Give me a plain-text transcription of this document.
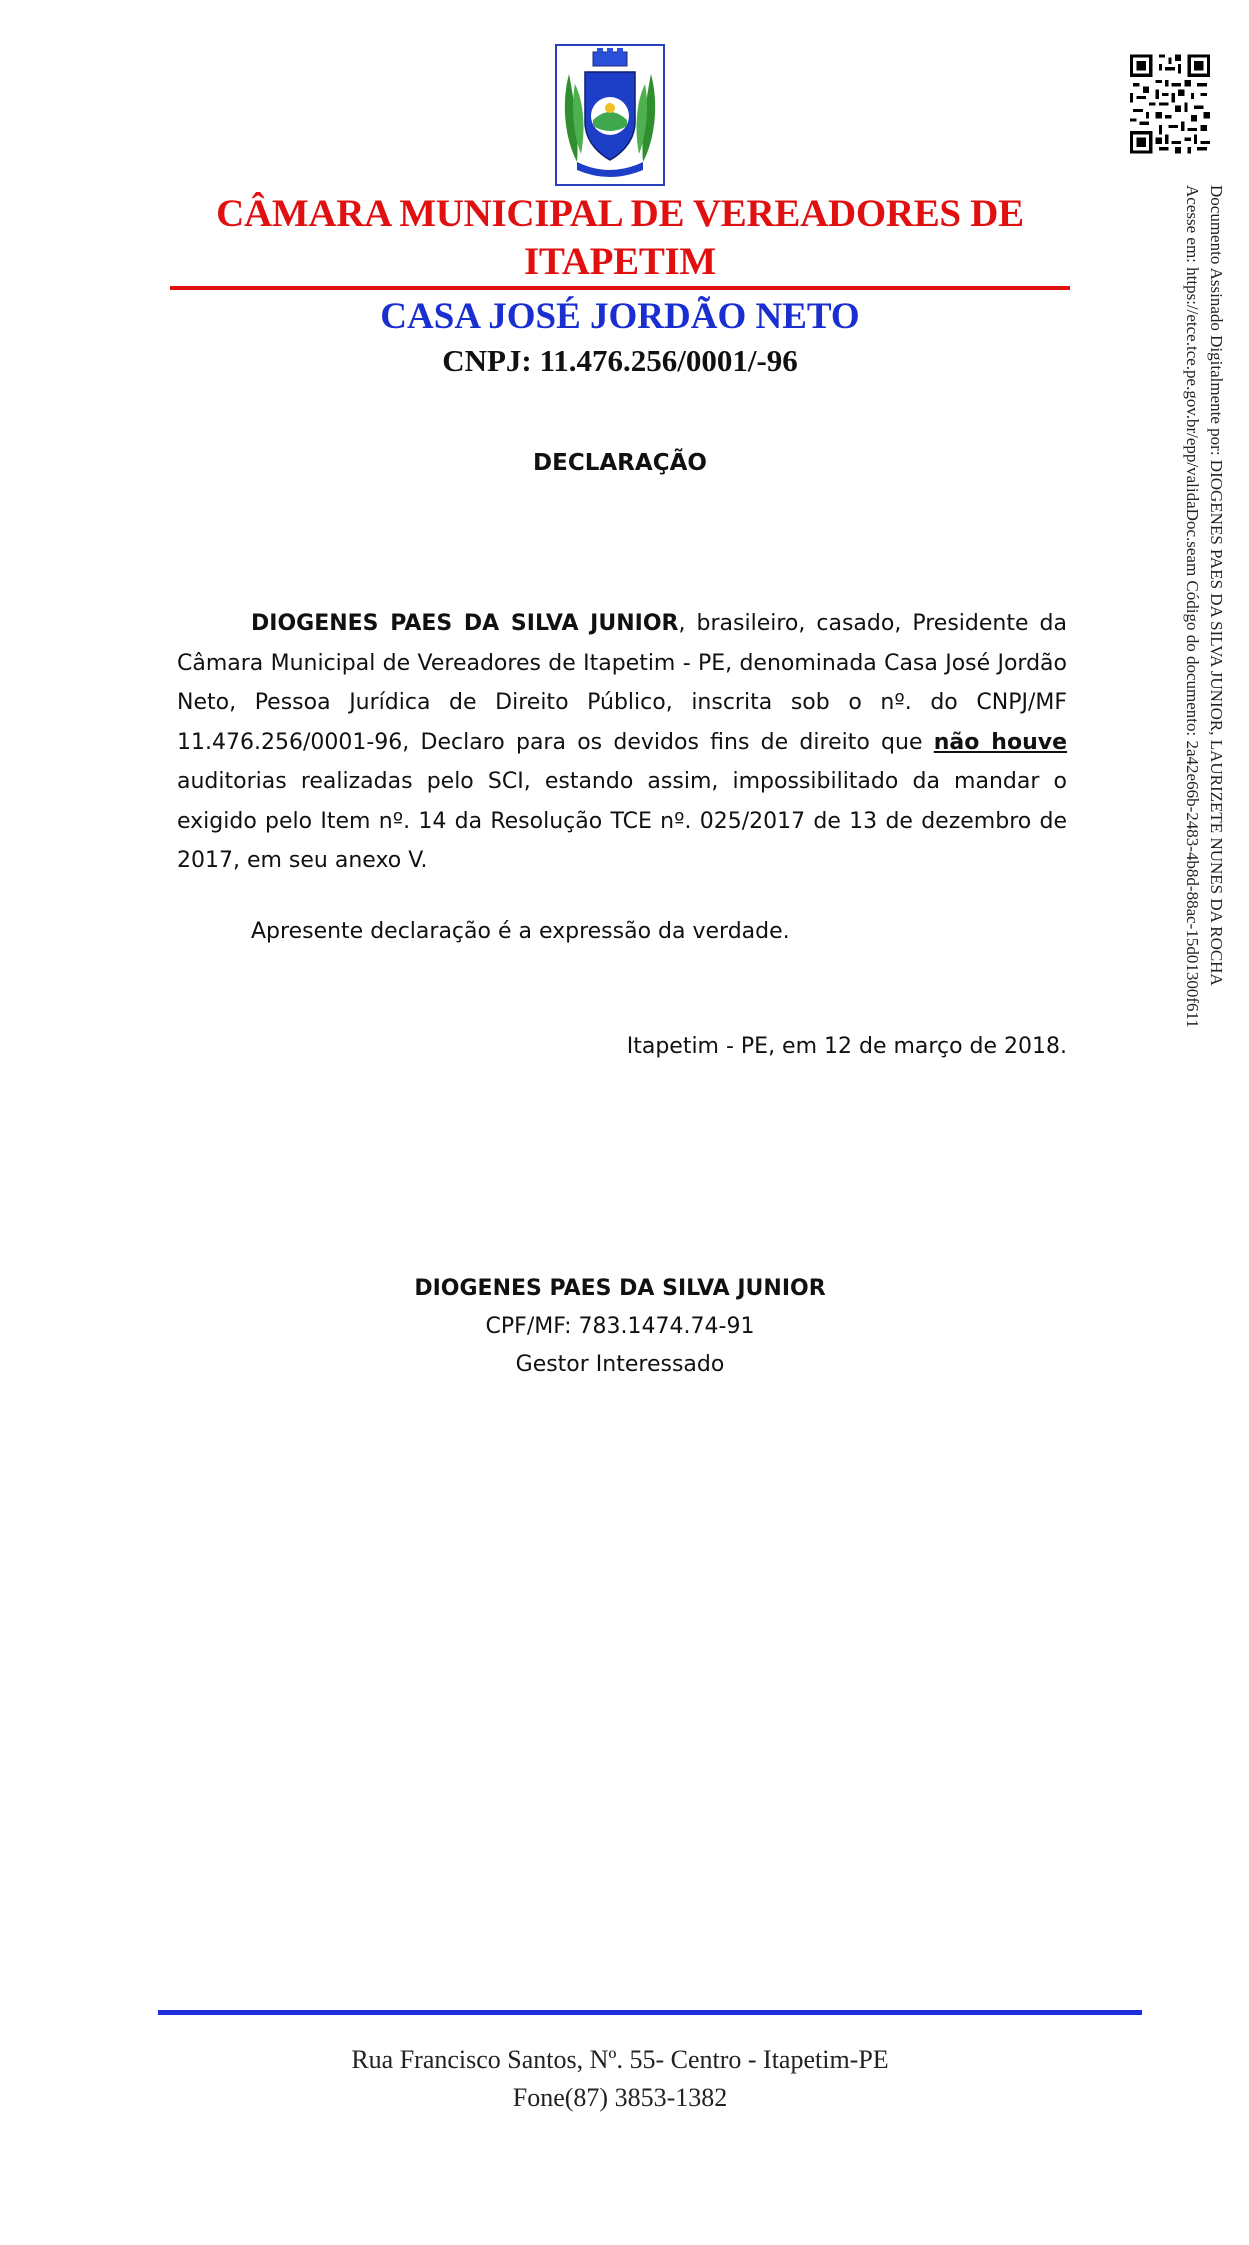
Documento Assinado Digitalmente por: DIOGENES PAES DA SILVA JUNIOR, LAURIZETE NUNES DA ROCHA
Acesse em: https://etce.tce.pe.gov.br/epp/validaDoc.seam Código do documento: 2a42e66b-2483-4b8d-88ac-15d01300f611
CÂMARA MUNICIPAL DE VEREADORES DE ITAPETIM
CASA JOSÉ JORDÃO NETO
CNPJ: 11.476.256/0001/-96
DECLARAÇÃO
DIOGENES PAES DA SILVA JUNIOR, brasileiro, casado, Presidente da Câmara Municipal de Vereadores de Itapetim - PE, denominada Casa José Jordão Neto, Pessoa Jurídica de Direito Público, inscrita sob o nº. do CNPJ/MF 11.476.256/0001-96, Declaro para os devidos fins de direito que não houve auditorias realizadas pelo SCI, estando assim, impossibilitado da mandar o exigido pelo Item nº. 14 da Resolução TCE nº. 025/2017 de 13 de dezembro de 2017, em seu anexo V.
Apresente declaração é a expressão da verdade.
Itapetim - PE, em 12 de março de 2018.
DIOGENES PAES DA SILVA JUNIOR
CPF/MF: 783.1474.74-91
Gestor Interessado
Rua Francisco Santos, Nº. 55- Centro - Itapetim-PE
Fone(87) 3853-1382
